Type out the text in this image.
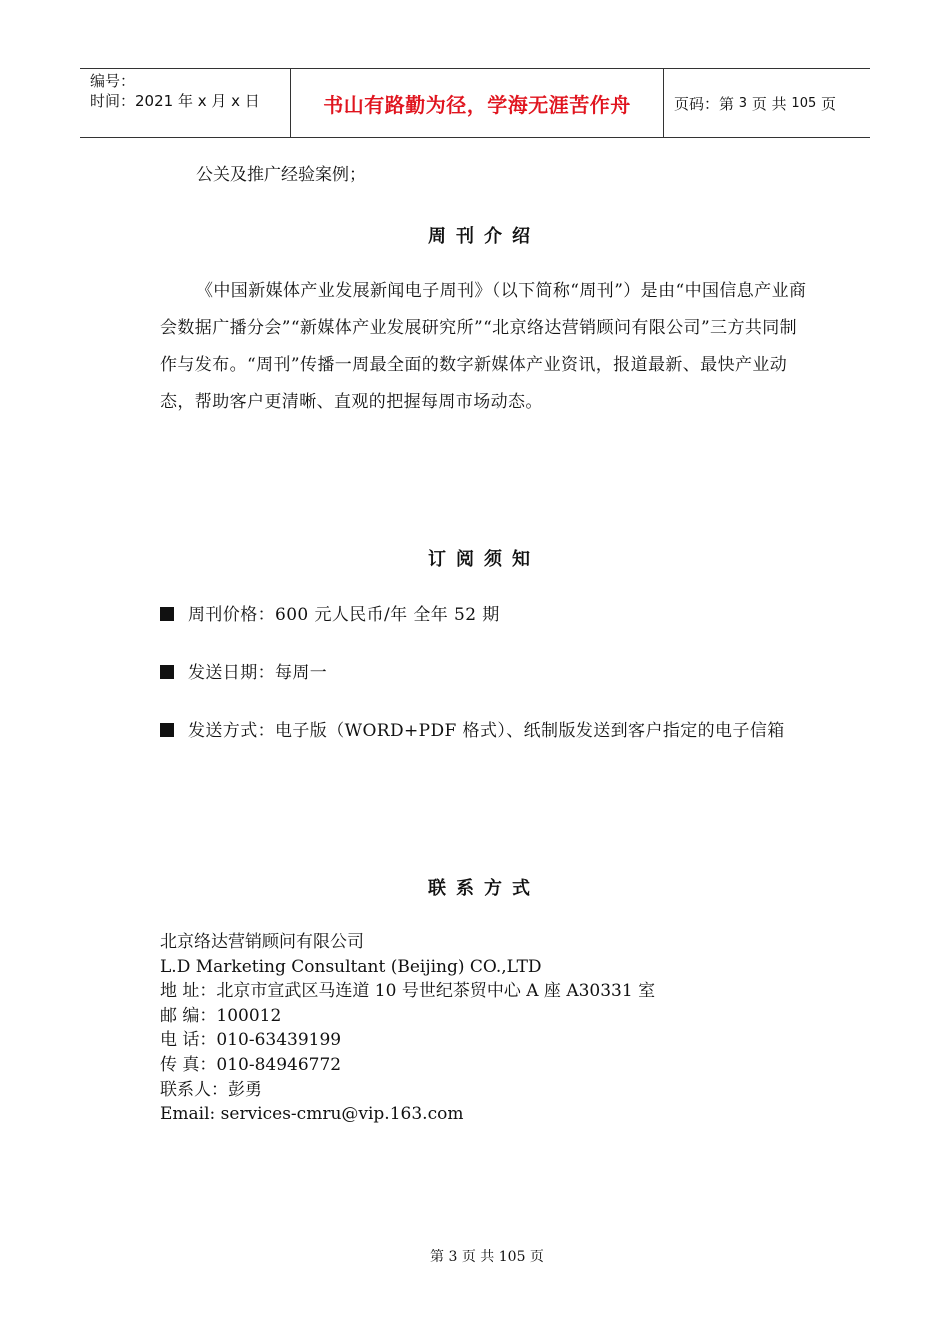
编号：
时间：2021 年 x 月 x 日	书山有路勤为径，学海无涯苦作舟	页码：第
3
页 共
105
页
公关及推广经验案例；
周刊介绍
《中国新媒体产业发展新闻电子周刊》（以下简称“周刊”）是由“中国信息产业商会数据广播分会”“新媒体产业发展研究所”“北京络达营销顾问有限公司”三方共同制作与发布。“周刊”传播一周最全面的数字新媒体产业资讯，报道最新、最快产业动态，帮助客户更清晰、直观的把握每周市场动态。
订阅须知
周刊价格：600 元人民币/年 全年 52 期
发送日期：每周一
发送方式：电子版（WORD+PDF 格式）、纸制版发送到客户指定的电子信箱
联系方式
北京络达营销顾问有限公司
L.D Marketing Consultant (Beijing) CO.,LTD
地 址：北京市宣武区马连道 10 号世纪茶贸中心 A 座 A30331 室
邮 编：100012
电 话：010-63439199
传 真：010-84946772
联系人：彭勇
Email: services-cmru@vip.163.com
第 3 页 共 105 页
